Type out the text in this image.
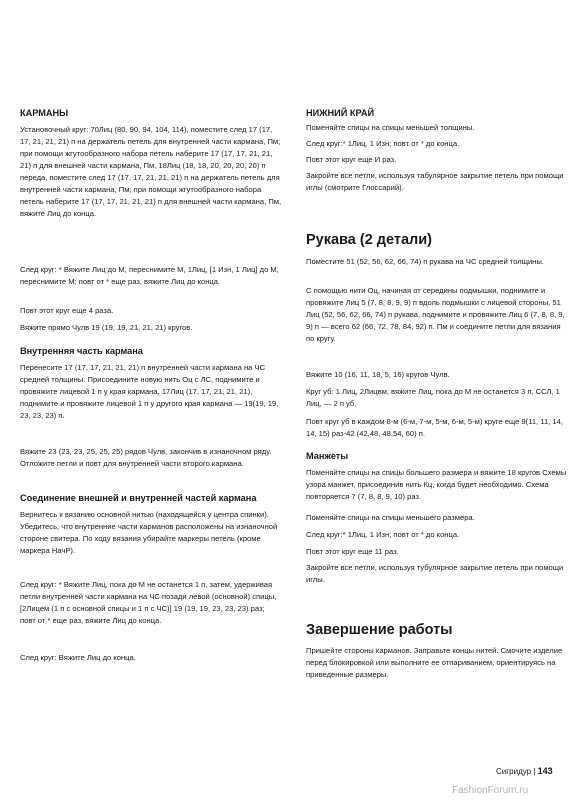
КАРМАНЫ

Установочный круг: 70Лиц (80, 90, 94, 104, 114), поместите след 17 (17, 17, 21, 21, 21) п на держатель петель для внутренней части кармана, Пм; при помощи жгутообразного набора петель наберите 17 (17, 17, 21, 21, 21) п для внешней части кармана, Пм, 18Лиц (18, 18, 20, 20, 20, 20) п переда, поместите след 17 (17, 17, 21, 21, 21) п на держатель петель для внутренней части кармана, Пм; при помощи жгутообразного набора петель наберите 17 (17, 17, 21, 21, 21) п для внешней части кармана, Пм, вяжите Лиц до конца.

След круг: * Вяжите Лиц до М, переснимите М, 1Лиц, [1 Изн, 1 Лиц] до М, переснимите М; повт от * еще раз, вяжите Лиц до конца.

Повт этот круг еще 4 раза.

Вяжите прямо Чулв 19 (19, 19, 21, 21, 21) кругов.

Внутренняя часть кармана

Перенесите 17 (17, 17, 21, 21, 21) п внутренней части кармана на ЧС средней толщины. Присоедините новую нить Оц с ЛС, поднимите и провяжите лицевой 1 п у края кармана, 17Лиц (17, 17, 21, 21, 21), поднимите и провяжите лицевой 1 п у другого края кармана — 19(19, 19, 23, 23, 23) п.

Вяжите 23 (23, 23, 25, 25, 25) рядов Чулв, закончив в изнаночном ряду. Отложите петли и повт для внутренней части второго кармана.

Соединение внешней и внутренней частей кармана

Вернитесь к вязанию основной нитью (находящейся у центра спинки). Убедитесь, что внутренние части карманов расположены на изнаночной стороне свитера. По ходу вязания убирайте маркеры петель (кроме маркера НачР).

След круг: * Вяжите Лиц, пока до М не останется 1 п, затем, удерживая петли внутренней части кармана на ЧС позади левой (основной) спицы, [2Лицем (1 п с основной спицы и 1 п с ЧС)] 19 (19, 19, 23, 23, 23) раз; повт от * еще раз, вяжите Лиц до конца.

След круг: Вяжите Лиц до конца.

НИЖНИЙ КРАЙ

Поменяйте спицы на спицы меньшей толщины.

След круг:* 1Лиц, 1 Изн; повт от * до конца.

Повт этот круг еще И раз.

Закройте все петли, используя табулярное закрытие петель при помощи иглы (смотрите Глоссарий).

Рукава (2 детали)

Поместите 51 (52, 56, 62, 66, 74) п рукава на ЧС средней толщины.

С помощью нити Оц, начиная от середины подмышки, поднимите и провяжите Лиц 5 (7, 8, 8, 9, 9) п вдоль подмышки с лицевой стороны, 51 Лиц (52, 56, 62, 66, 74) п рукава, поднимите и провяжите Лиц 6 (7, 8, 8, 9, 9) п — всего 62 (66, 72, 78, 84, 92) п. Пм и соедините петли для вязания по кругу.

Вяжите 10 (16, 11, 18, 5, 16) кругов Чулв.

Круг уб: 1 Лиц, 2Лицвм, вяжите Лиц, пока до М не останется 3 п, ССЛ, 1 Лиц, — 2 п уб.

Повт круг уб в каждом 8-м (6-м, 7-м, 5-м, 6-м, 5-м) круге еще 9(11, 11, 14, 14, 15) раз-42 (42,48, 48,54, 60) п.

Манжеты

Поменяйте спицы на спицы большего размера и вяжите 18 кругов Схемы узора манжет, присоединив нить Кц, когда будет необходимо. Схема повторяется 7 (7, 8, 8, 9, 10) раз.

Поменяйте спицы на спицы меньшего размера.

След круг:* 1Лиц, 1 Изн; повт от * до конца.

Повт этот круг еще 11 раз.

Закройте все петли, используя тубулярное закрытие петель при помощи иглы.

Завершение работы

Пришейте стороны карманов. Заправьте концы нитей. Смочите изделие перед блокировкой или выполните ее отпариванием, ориентируясь на приведенные размеры.

Сигридур | 143
FashionForum.ru
